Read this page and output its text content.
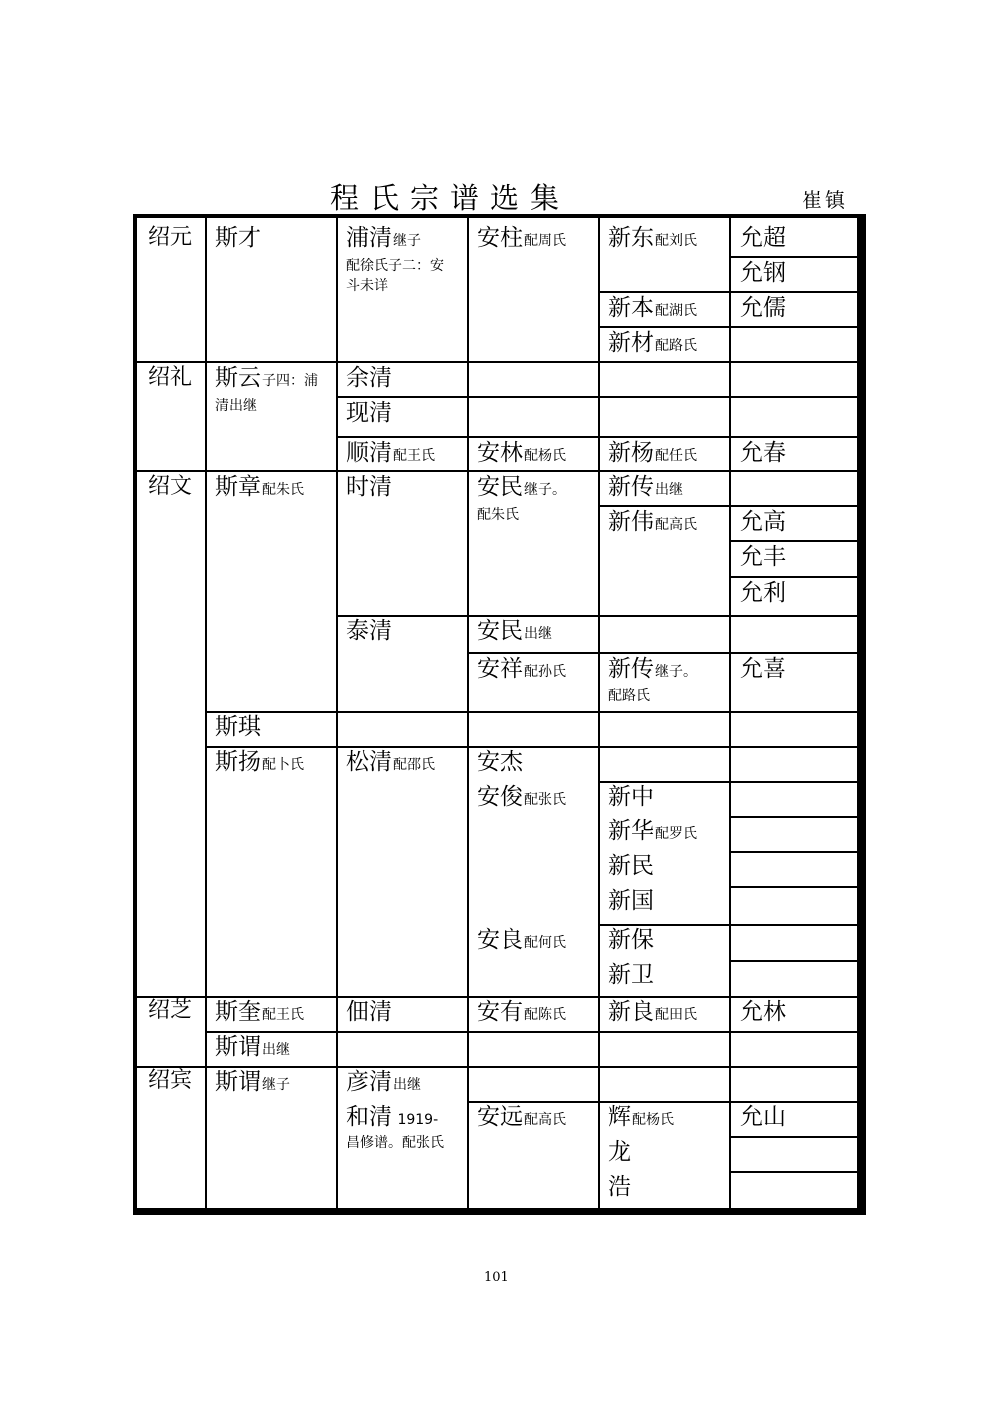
程氏宗谱选集	崔镇
绍元
绍礼
绍文
绍芝
绍宾
斯才
斯云子四：浦
清出继
斯章配朱氏
斯琪
斯扬配卜氏
斯奎配王氏
斯谓出继
斯谓继子
浦清继子
配徐氏子二：安
斗未详
余清
现清
顺清配王氏
时清
泰清
松清配邵氏
佃清
彦清出继
和清 1919-
昌修谱。配张氏
安柱配周氏
安林配杨氏
安民继子。
配朱氏
安民出继
安祥配孙氏
安杰
安俊配张氏
安良配何氏
安有配陈氏
安远配高氏
新东配刘氏
新本配湖氏
新材配路氏
新杨配任氏
新传出继
新伟配高氏
新传继子。
配路氏
新中
新华配罗氏
新民
新国
新保
新卫
新良配田氏
辉配杨氏
龙
浩
允超
允钢
允儒
允春
允高
允丰
允利
允喜
允林
允山
101
